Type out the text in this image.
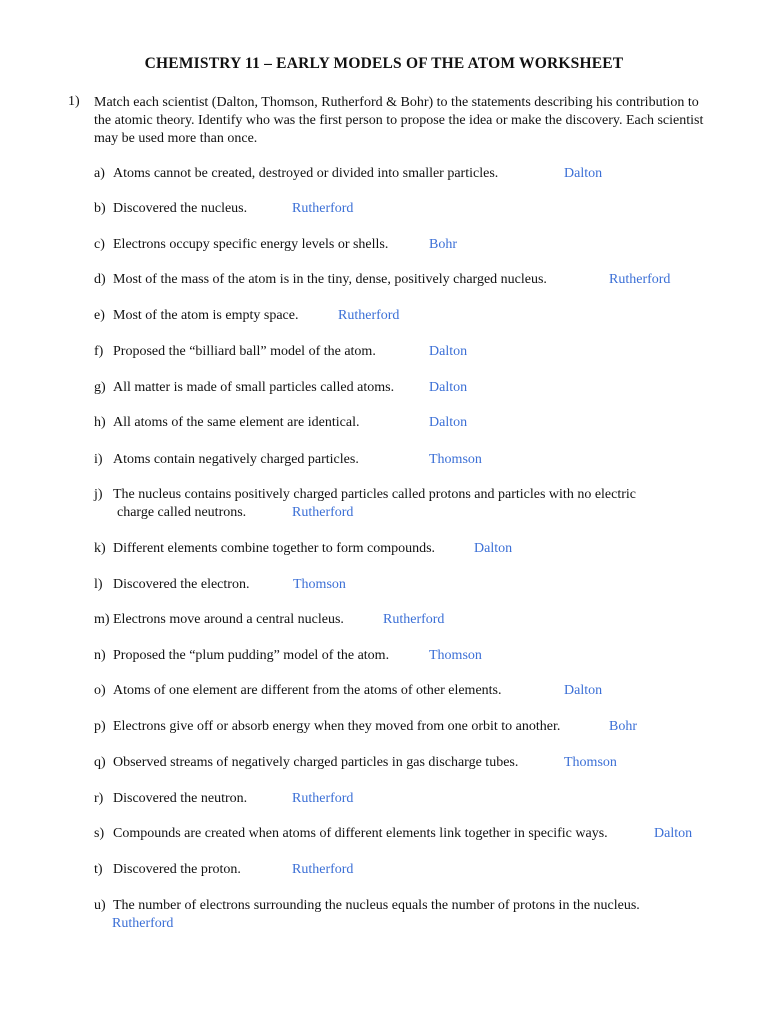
CHEMISTRY 11 – EARLY MODELS OF THE ATOM WORKSHEET
1) Match each scientist (Dalton, Thomson, Rutherford & Bohr) to the statements describing his contribution to the atomic theory. Identify who was the first person to propose the idea or make the discovery. Each scientist may be used more than once.
a) Atoms cannot be created, destroyed or divided into smaller particles.	Dalton
b) Discovered the nucleus.	Rutherford
c) Electrons occupy specific energy levels or shells.	Bohr
d) Most of the mass of the atom is in the tiny, dense, positively charged nucleus.	Rutherford
e) Most of the atom is empty space.	Rutherford
f) Proposed the “billiard ball” model of the atom.	Dalton
g) All matter is made of small particles called atoms. Dalton
h) All atoms of the same element are identical.	Dalton
i) Atoms contain negatively charged particles.	Thomson
j) The nucleus contains positively charged particles called protons and particles with no electric
charge called neutrons.	Rutherford
k) Different elements combine together to form compounds.	Dalton
l) Discovered the electron.	Thomson
m) Electrons move around a central nucleus.	Rutherford
n) Proposed the “plum pudding” model of the atom.	Thomson
o) Atoms of one element are different from the atoms of other elements.	Dalton
p) Electrons give off or absorb energy when they moved from one orbit to another.	Bohr
q) Observed streams of negatively charged particles in gas discharge tubes.	Thomson
r) Discovered the neutron.	Rutherford
s) Compounds are created when atoms of different elements link together in specific ways.	Dalton
t) Discovered the proton.	Rutherford
u) The number of electrons surrounding the nucleus equals the number of protons in the nucleus.
Rutherford
